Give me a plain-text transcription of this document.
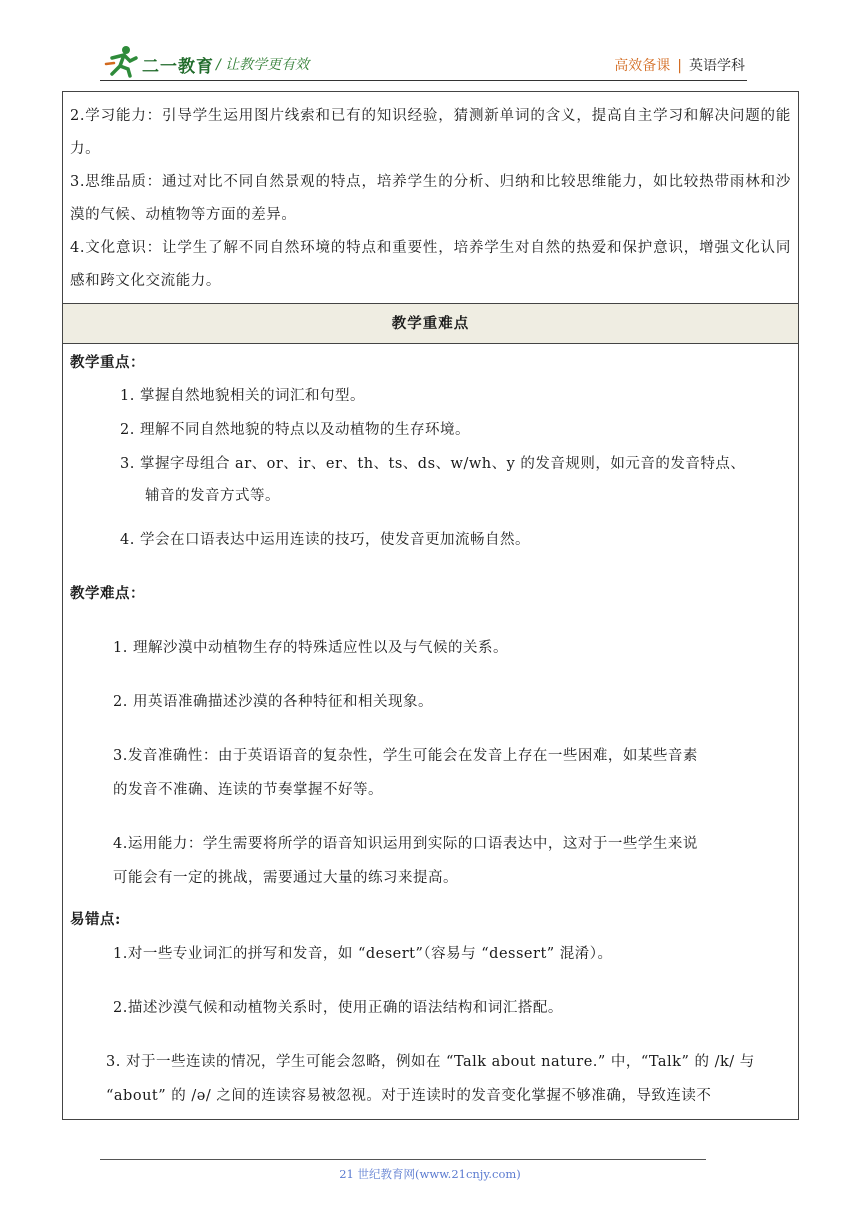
二一教育 / 让教学更有效	高效备课 | 英语学科

2.学习能力：引导学生运用图片线索和已有的知识经验，猜测新单词的含义，提高自主学习和解决问题的能力。

3.思维品质：通过对比不同自然景观的特点，培养学生的分析、归纳和比较思维能力，如比较热带雨林和沙漠的气候、动植物等方面的差异。

4.文化意识：让学生了解不同自然环境的特点和重要性，培养学生对自然的热爱和保护意识，增强文化认同感和跨文化交流能力。

教学重难点

教学重点：

1. 掌握自然地貌相关的词汇和句型。

2. 理解不同自然地貌的特点以及动植物的生存环境。

3. 掌握字母组合 ar、or、ir、er、th、ts、ds、w/wh、y 的发音规则，如元音的发音特点、

辅音的发音方式等。

4. 学会在口语表达中运用连读的技巧，使发音更加流畅自然。

教学难点：

1. 理解沙漠中动植物生存的特殊适应性以及与气候的关系。

2. 用英语准确描述沙漠的各种特征和相关现象。

3.发音准确性：由于英语语音的复杂性，学生可能会在发音上存在一些困难，如某些音素

的发音不准确、连读的节奏掌握不好等。

4.运用能力：学生需要将所学的语音知识运用到实际的口语表达中，这对于一些学生来说

可能会有一定的挑战，需要通过大量的练习来提高。

易错点:

1.对一些专业词汇的拼写和发音，如 “desert”（容易与 “dessert” 混淆）。

2.描述沙漠气候和动植物关系时，使用正确的语法结构和词汇搭配。

3. 对于一些连读的情况，学生可能会忽略，例如在 “Talk about nature.” 中，“Talk” 的 /k/ 与

“about” 的 /ə/ 之间的连读容易被忽视。对于连读时的发音变化掌握不够准确，导致连读不

21 世纪教育网(www.21cnjy.com)
